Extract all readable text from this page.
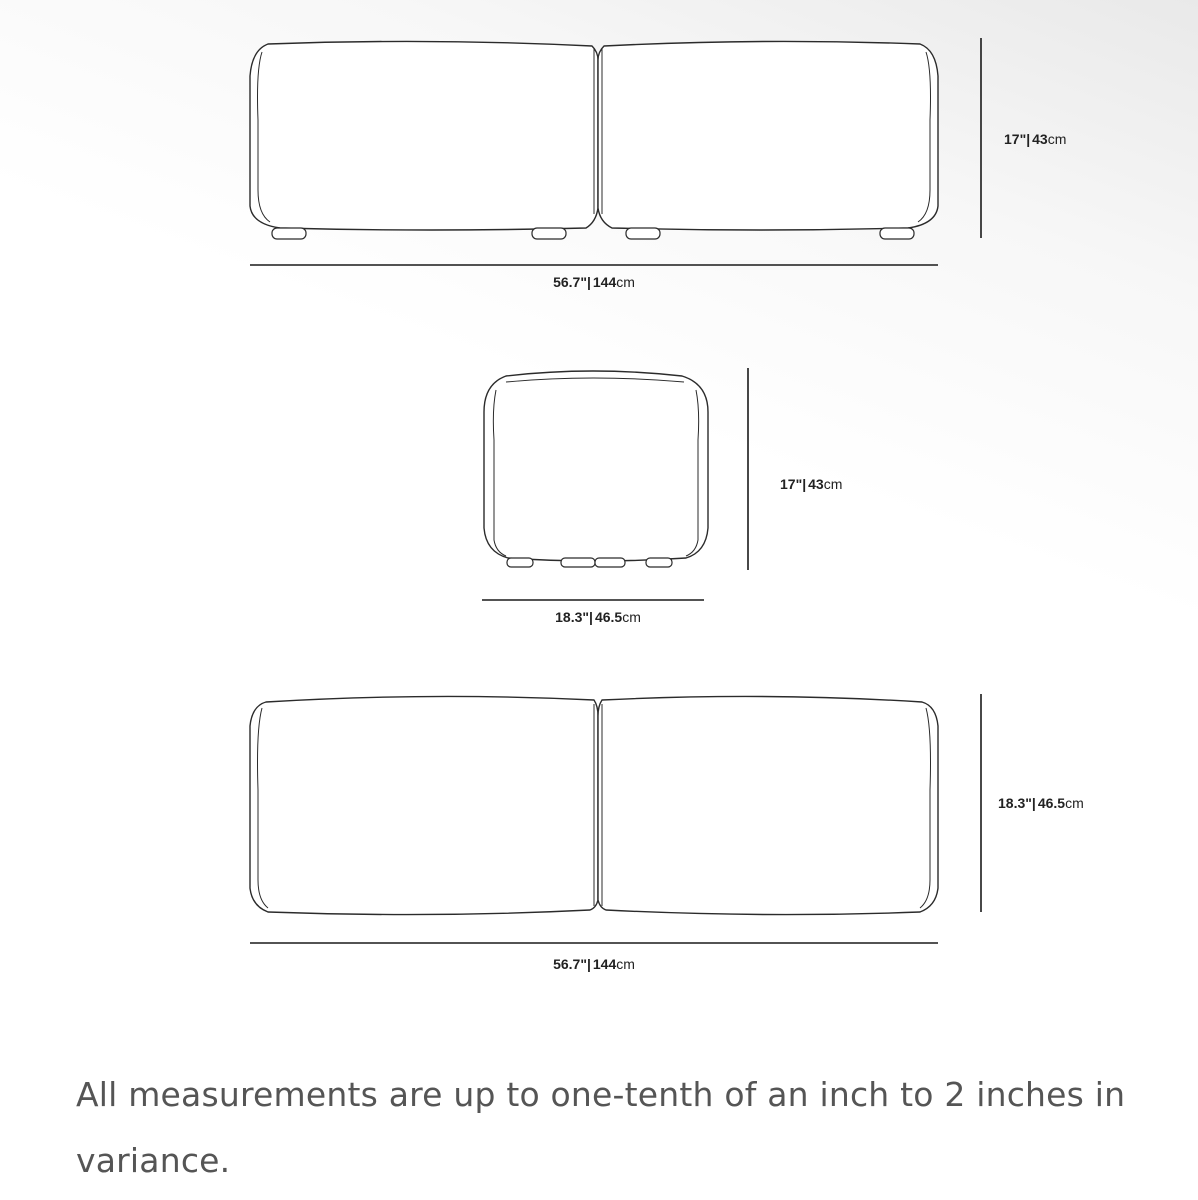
56.7"| 144cm
17"| 43cm
18.3"| 46.5cm
17"| 43cm
56.7"| 144cm
18.3"| 46.5cm

All measurements are up to one-tenth of an inch to 2 inches in variance.
